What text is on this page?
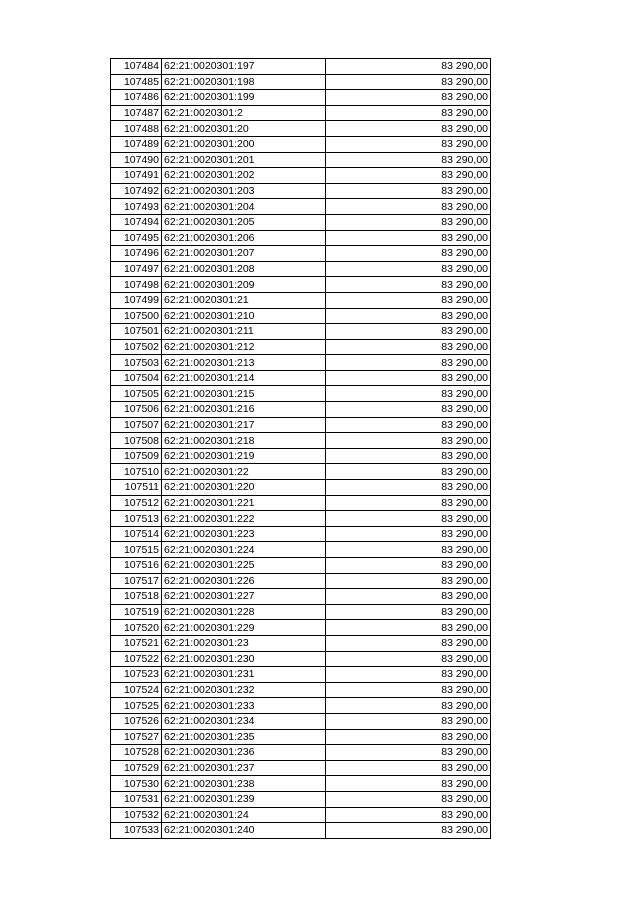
107484	62:21:0020301:197	83 290,00
107485	62:21:0020301:198	83 290,00
107486	62:21:0020301:199	83 290,00
107487	62:21:0020301:2	83 290,00
107488	62:21:0020301:20	83 290,00
107489	62:21:0020301:200	83 290,00
107490	62:21:0020301:201	83 290,00
107491	62:21:0020301:202	83 290,00
107492	62:21:0020301:203	83 290,00
107493	62:21:0020301:204	83 290,00
107494	62:21:0020301:205	83 290,00
107495	62:21:0020301:206	83 290,00
107496	62:21:0020301:207	83 290,00
107497	62:21:0020301:208	83 290,00
107498	62:21:0020301:209	83 290,00
107499	62:21:0020301:21	83 290,00
107500	62:21:0020301:210	83 290,00
107501	62:21:0020301:211	83 290,00
107502	62:21:0020301:212	83 290,00
107503	62:21:0020301:213	83 290,00
107504	62:21:0020301:214	83 290,00
107505	62:21:0020301:215	83 290,00
107506	62:21:0020301:216	83 290,00
107507	62:21:0020301:217	83 290,00
107508	62:21:0020301:218	83 290,00
107509	62:21:0020301:219	83 290,00
107510	62:21:0020301:22	83 290,00
107511	62:21:0020301:220	83 290,00
107512	62:21:0020301:221	83 290,00
107513	62:21:0020301:222	83 290,00
107514	62:21:0020301:223	83 290,00
107515	62:21:0020301:224	83 290,00
107516	62:21:0020301:225	83 290,00
107517	62:21:0020301:226	83 290,00
107518	62:21:0020301:227	83 290,00
107519	62:21:0020301:228	83 290,00
107520	62:21:0020301:229	83 290,00
107521	62:21:0020301:23	83 290,00
107522	62:21:0020301:230	83 290,00
107523	62:21:0020301:231	83 290,00
107524	62:21:0020301:232	83 290,00
107525	62:21:0020301:233	83 290,00
107526	62:21:0020301:234	83 290,00
107527	62:21:0020301:235	83 290,00
107528	62:21:0020301:236	83 290,00
107529	62:21:0020301:237	83 290,00
107530	62:21:0020301:238	83 290,00
107531	62:21:0020301:239	83 290,00
107532	62:21:0020301:24	83 290,00
107533	62:21:0020301:240	83 290,00
